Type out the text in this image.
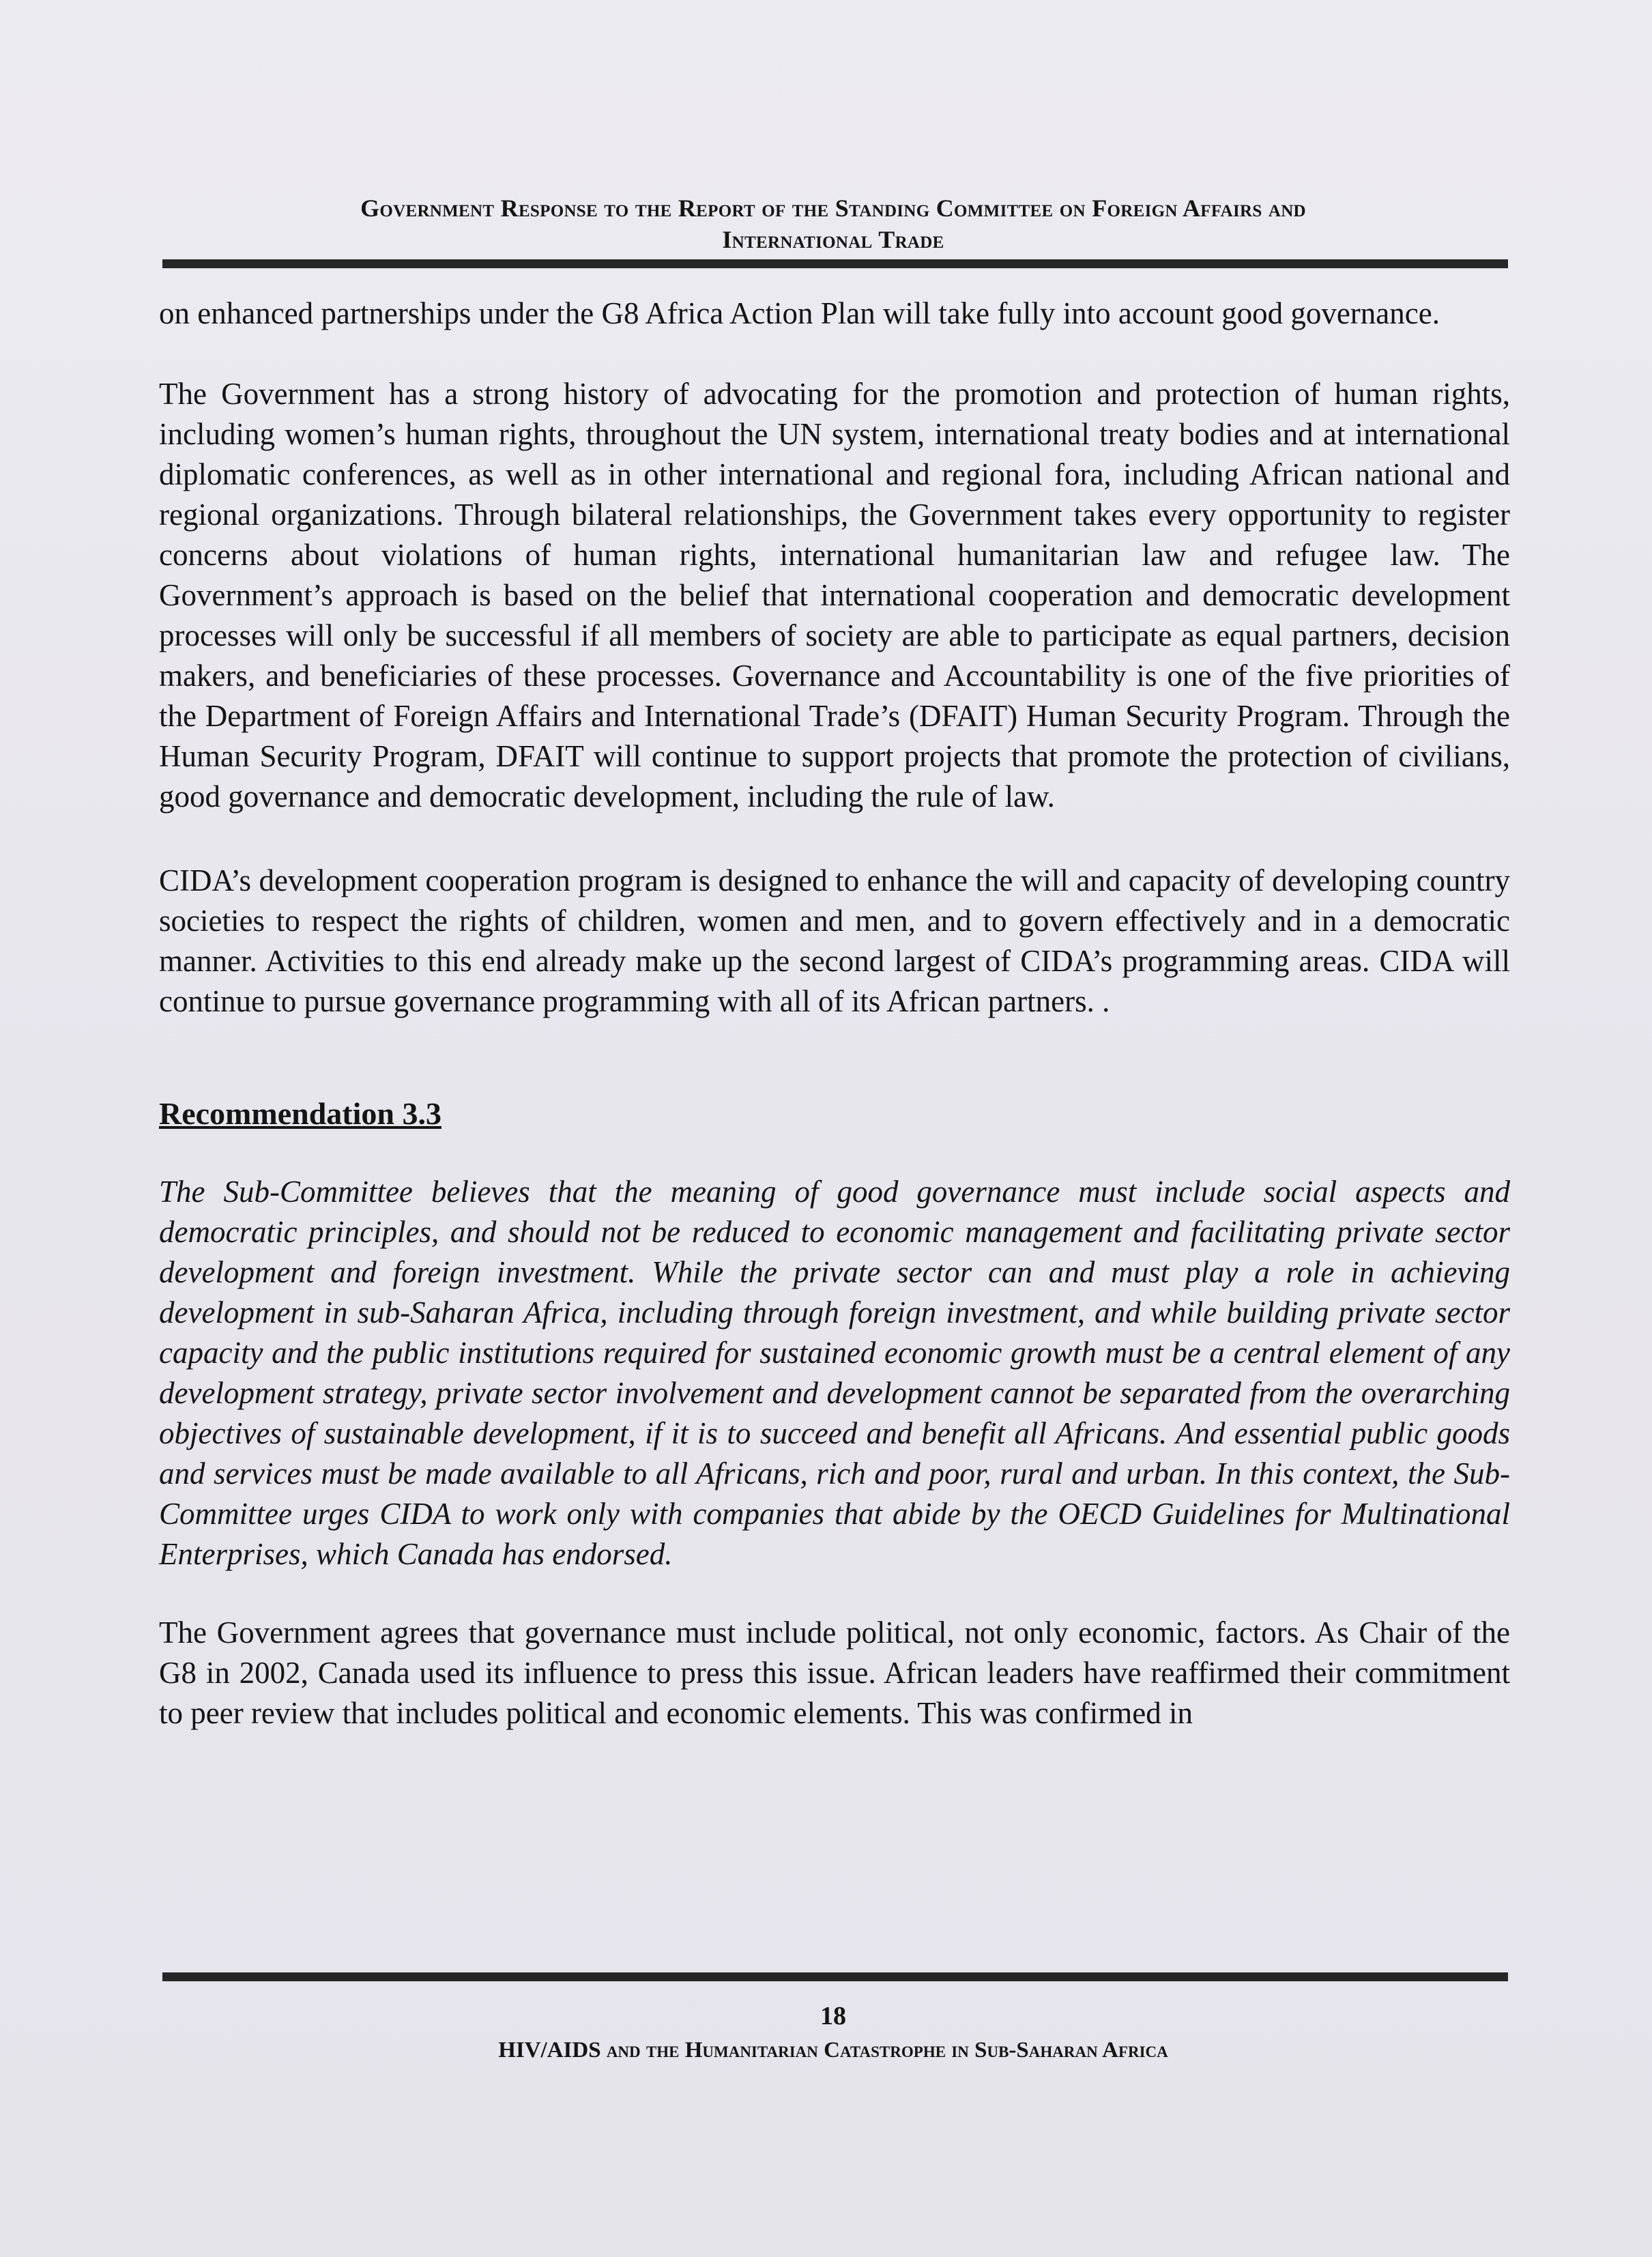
Government Response to the Report of the Standing Committee on Foreign Affairs and
International Trade

on enhanced partnerships under the G8 Africa Action Plan will take fully into account good governance.

The Government has a strong history of advocating for the promotion and protection of human rights, including women’s human rights, throughout the UN system, international treaty bodies and at international diplomatic conferences, as well as in other international and regional fora, including African national and regional organizations. Through bilateral relationships, the Government takes every opportunity to register concerns about violations of human rights, international humanitarian law and refugee law. The Government’s approach is based on the belief that international cooperation and democratic development processes will only be successful if all members of society are able to participate as equal partners, decision makers, and beneficiaries of these processes. Governance and Accountability is one of the five priorities of the Department of Foreign Affairs and International Trade’s (DFAIT) Human Security Program. Through the Human Security Program, DFAIT will continue to support projects that promote the protection of civilians, good governance and democratic development, including the rule of law.

CIDA’s development cooperation program is designed to enhance the will and capacity of developing country societies to respect the rights of children, women and men, and to govern effectively and in a democratic manner. Activities to this end already make up the second largest of CIDA’s programming areas. CIDA will continue to pursue governance programming with all of its African partners. .

Recommendation 3.3

The Sub-Committee believes that the meaning of good governance must include social aspects and democratic principles, and should not be reduced to economic management and facilitating private sector development and foreign investment. While the private sector can and must play a role in achieving development in sub-Saharan Africa, including through foreign investment, and while building private sector capacity and the public institutions required for sustained economic growth must be a central element of any development strategy, private sector involvement and development cannot be separated from the overarching objectives of sustainable development, if it is to succeed and benefit all Africans. And essential public goods and services must be made available to all Africans, rich and poor, rural and urban. In this context, the Sub-Committee urges CIDA to work only with companies that abide by the OECD Guidelines for Multinational Enterprises, which Canada has endorsed.

The Government agrees that governance must include political, not only economic, factors. As Chair of the G8 in 2002, Canada used its influence to press this issue. African leaders have reaffirmed their commitment to peer review that includes political and economic elements. This was confirmed in

18
HIV/AIDS and the Humanitarian Catastrophe in Sub-Saharan Africa
